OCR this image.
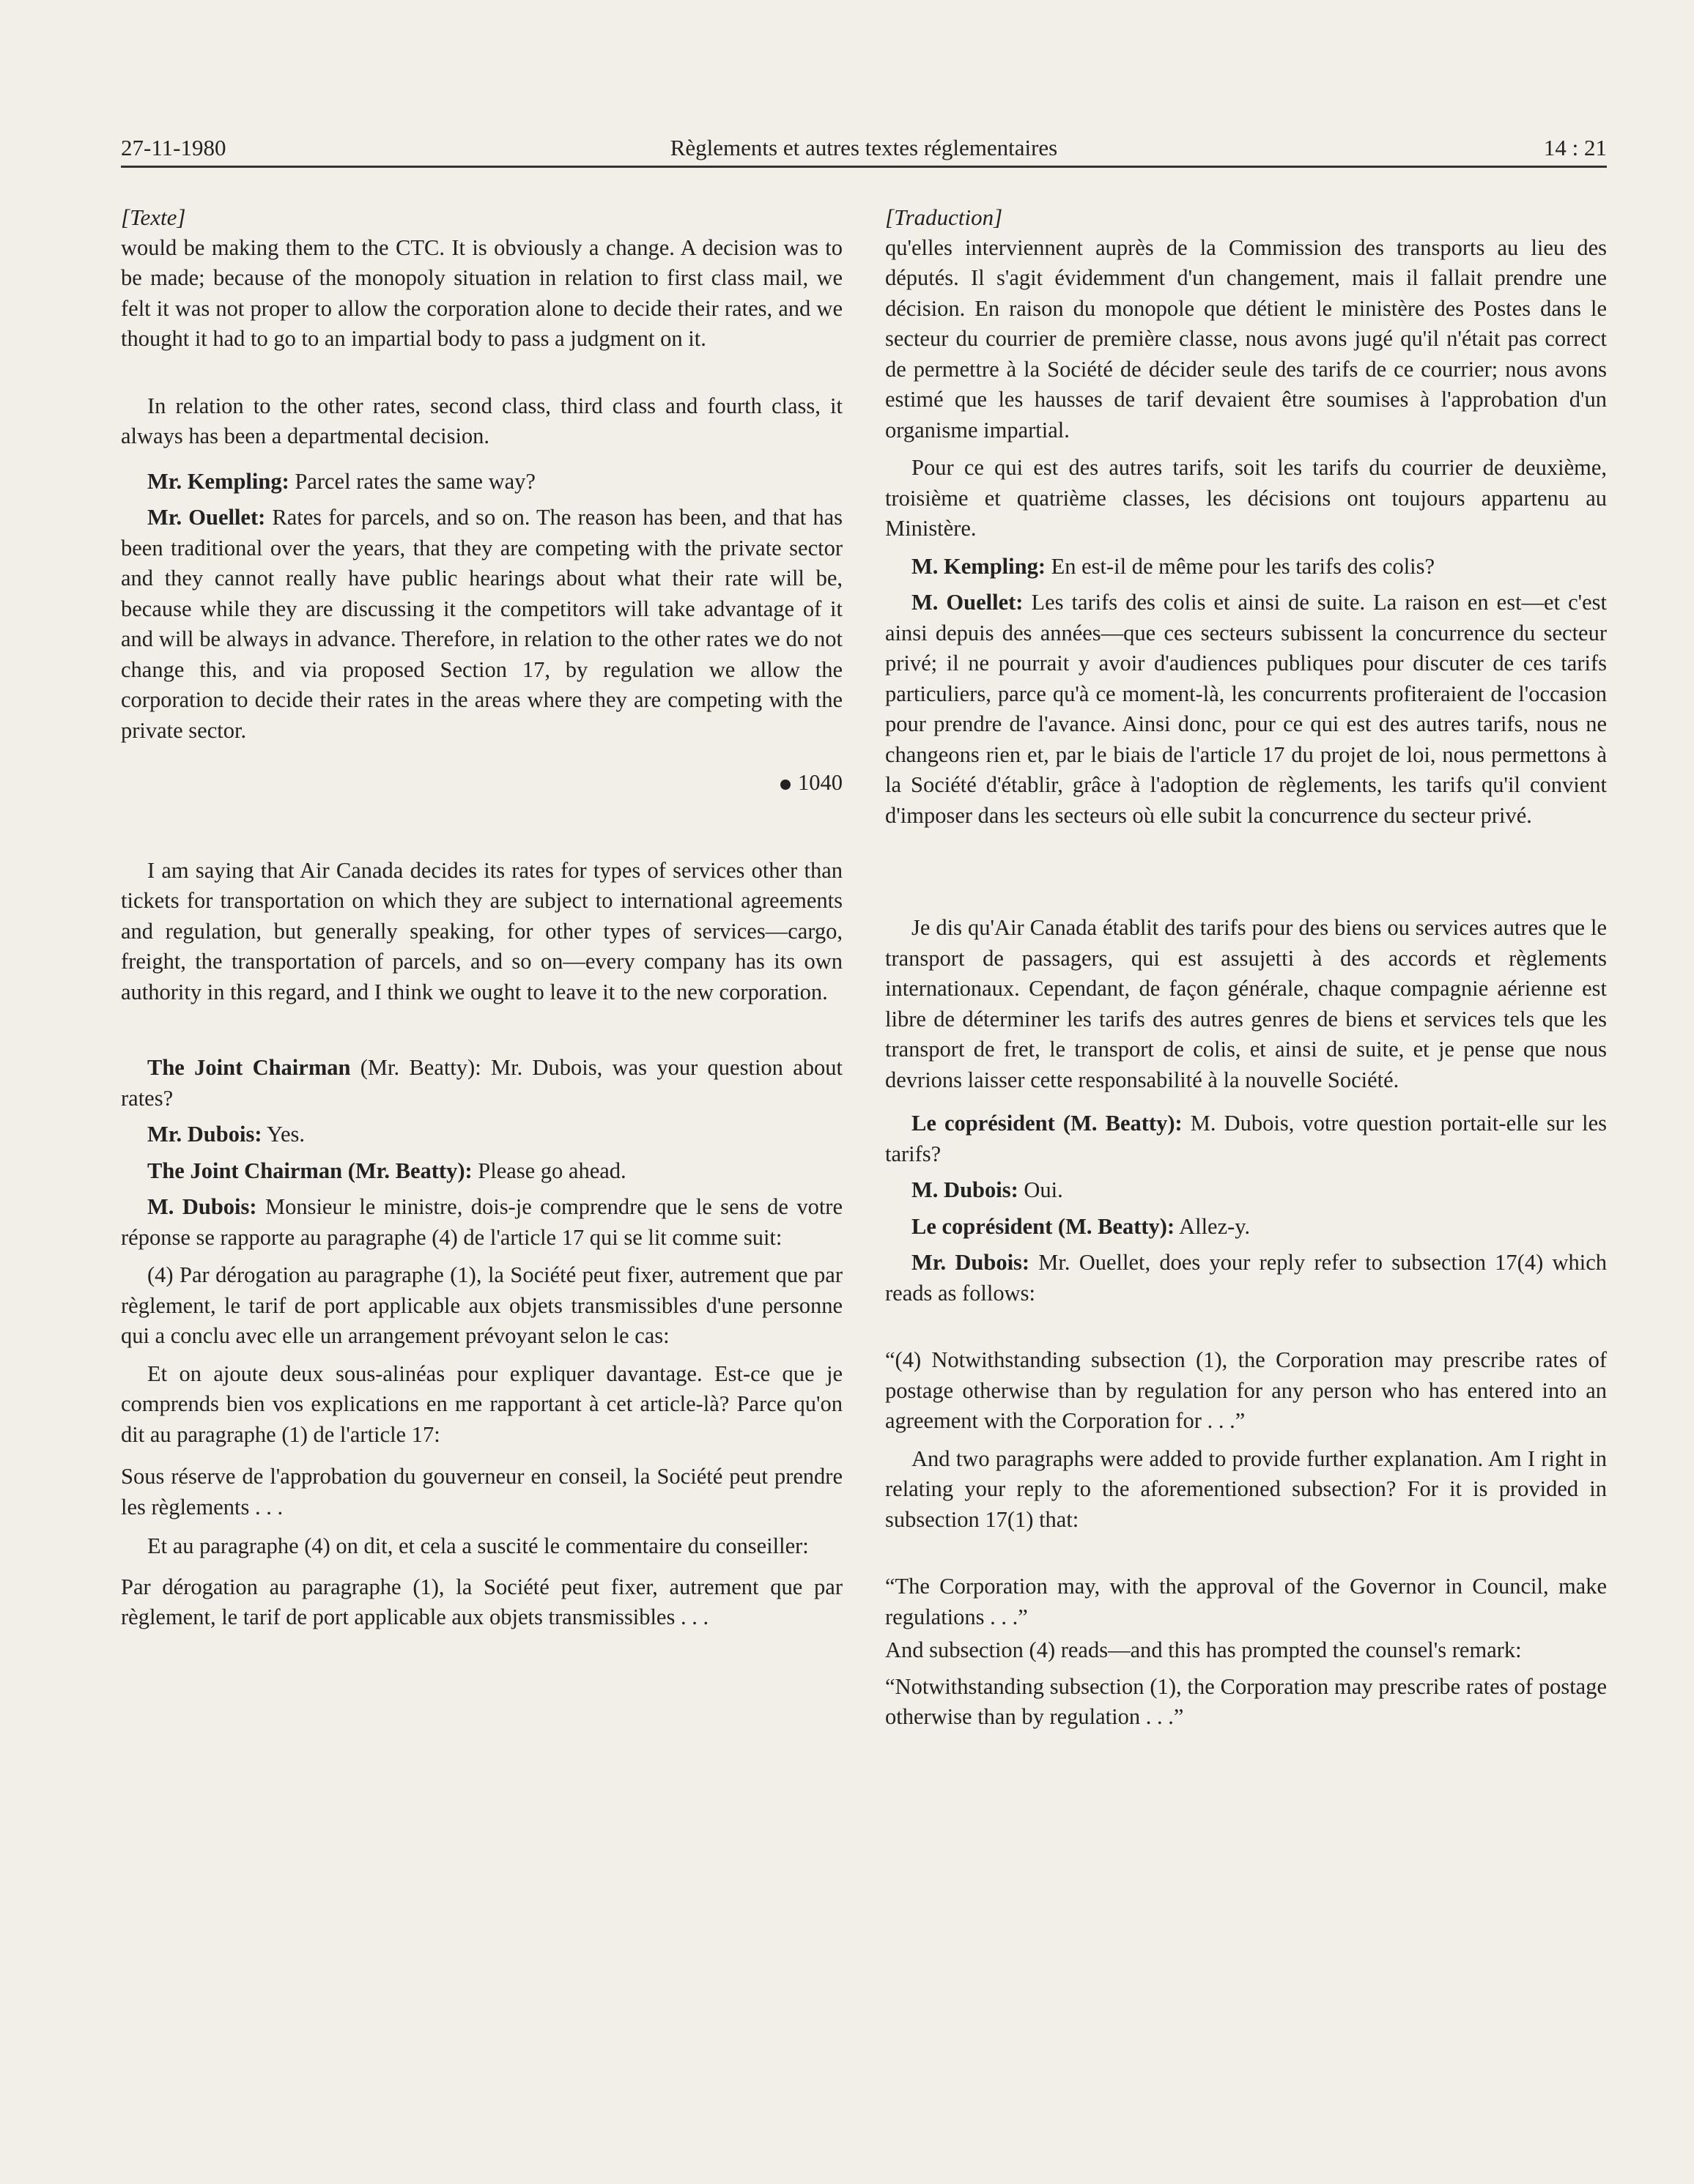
27-11-1980	Règlements et autres textes réglementaires	14 : 21

[Texte]

would be making them to the CTC. It is obviously a change. A decision was to be made; because of the monopoly situation in relation to first class mail, we felt it was not proper to allow the corporation alone to decide their rates, and we thought it had to go to an impartial body to pass a judgment on it.

In relation to the other rates, second class, third class and fourth class, it always has been a departmental decision.

Mr. Kempling: Parcel rates the same way?

Mr. Ouellet: Rates for parcels, and so on. The reason has been, and that has been traditional over the years, that they are competing with the private sector and they cannot really have public hearings about what their rate will be, because while they are discussing it the competitors will take advantage of it and will be always in advance. Therefore, in relation to the other rates we do not change this, and via proposed Section 17, by regulation we allow the corporation to decide their rates in the areas where they are competing with the private sector.

1040

I am saying that Air Canada decides its rates for types of services other than tickets for transportation on which they are subject to international agreements and regulation, but generally speaking, for other types of services—cargo, freight, the transportation of parcels, and so on—every company has its own authority in this regard, and I think we ought to leave it to the new corporation.

The Joint Chairman (Mr. Beatty): Mr. Dubois, was your question about rates?

Mr. Dubois: Yes.

The Joint Chairman (Mr. Beatty): Please go ahead.

M. Dubois: Monsieur le ministre, dois-je comprendre que le sens de votre réponse se rapporte au paragraphe (4) de l'article 17 qui se lit comme suit:

(4) Par dérogation au paragraphe (1), la Société peut fixer, autrement que par règlement, le tarif de port applicable aux objets transmissibles d'une personne qui a conclu avec elle un arrangement prévoyant selon le cas:

Et on ajoute deux sous-alinéas pour expliquer davantage. Est-ce que je comprends bien vos explications en me rapportant à cet article-là? Parce qu'on dit au paragraphe (1) de l'article 17:

Sous réserve de l'approbation du gouverneur en conseil, la Société peut prendre les règlements . . .

Et au paragraphe (4) on dit, et cela a suscité le commentaire du conseiller:

Par dérogation au paragraphe (1), la Société peut fixer, autrement que par règlement, le tarif de port applicable aux objets transmissibles . . .

[Traduction]

qu'elles interviennent auprès de la Commission des transports au lieu des députés. Il s'agit évidemment d'un changement, mais il fallait prendre une décision. En raison du monopole que détient le ministère des Postes dans le secteur du courrier de première classe, nous avons jugé qu'il n'était pas correct de permettre à la Société de décider seule des tarifs de ce courrier; nous avons estimé que les hausses de tarif devaient être soumises à l'approbation d'un organisme impartial.

Pour ce qui est des autres tarifs, soit les tarifs du courrier de deuxième, troisième et quatrième classes, les décisions ont toujours appartenu au Ministère.

M. Kempling: En est-il de même pour les tarifs des colis?

M. Ouellet: Les tarifs des colis et ainsi de suite. La raison en est—et c'est ainsi depuis des années—que ces secteurs subissent la concurrence du secteur privé; il ne pourrait y avoir d'audiences publiques pour discuter de ces tarifs particuliers, parce qu'à ce moment-là, les concurrents profiteraient de l'occasion pour prendre de l'avance. Ainsi donc, pour ce qui est des autres tarifs, nous ne changeons rien et, par le biais de l'article 17 du projet de loi, nous permettons à la Société d'établir, grâce à l'adoption de règlements, les tarifs qu'il convient d'imposer dans les secteurs où elle subit la concurrence du secteur privé.

Je dis qu'Air Canada établit des tarifs pour des biens ou services autres que le transport de passagers, qui est assujetti à des accords et règlements internationaux. Cependant, de façon générale, chaque compagnie aérienne est libre de déterminer les tarifs des autres genres de biens et services tels que les transport de fret, le transport de colis, et ainsi de suite, et je pense que nous devrions laisser cette responsabilité à la nouvelle Société.

Le coprésident (M. Beatty): M. Dubois, votre question portait-elle sur les tarifs?

M. Dubois: Oui.

Le coprésident (M. Beatty): Allez-y.

Mr. Dubois: Mr. Ouellet, does your reply refer to subsection 17(4) which reads as follows:

“(4) Notwithstanding subsection (1), the Corporation may prescribe rates of postage otherwise than by regulation for any person who has entered into an agreement with the Corporation for . . .”

And two paragraphs were added to provide further explanation. Am I right in relating your reply to the aforementioned subsection? For it is provided in subsection 17(1) that:

“The Corporation may, with the approval of the Governor in Council, make regulations . . .”

And subsection (4) reads—and this has prompted the counsel's remark:

“Notwithstanding subsection (1), the Corporation may prescribe rates of postage otherwise than by regulation . . .”
